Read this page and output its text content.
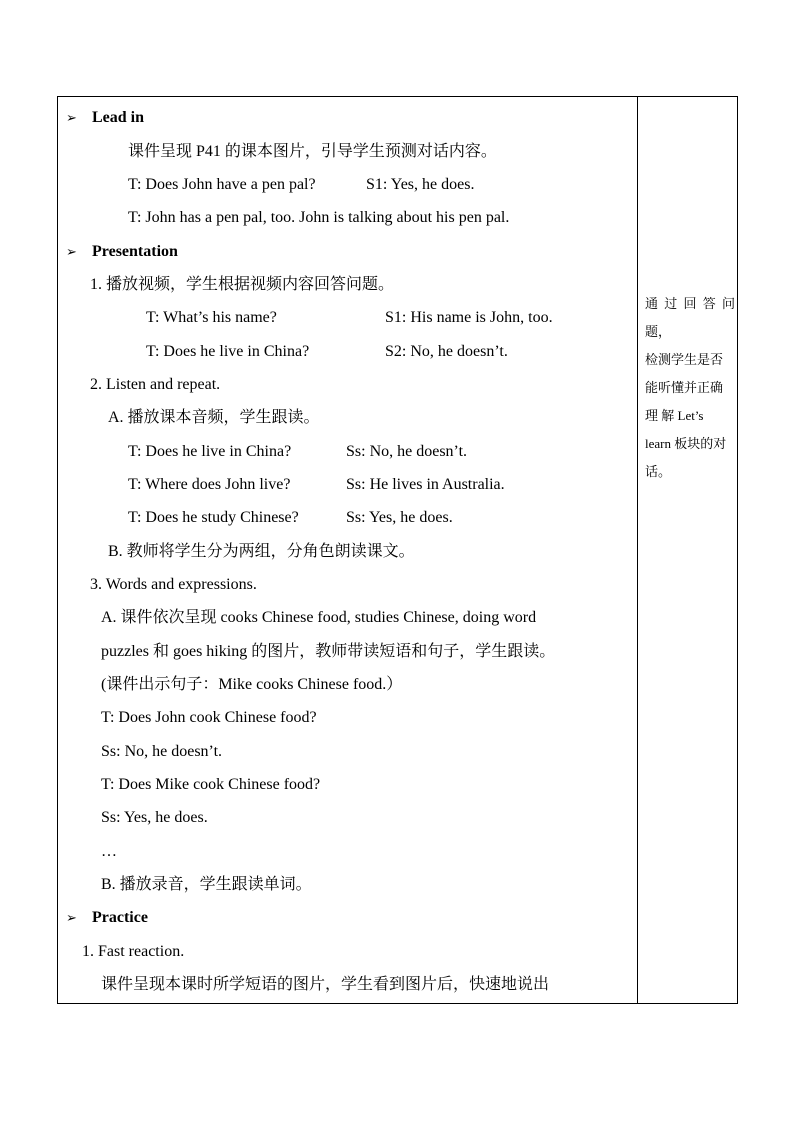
➢ Lead in
课件呈现 P41 的课本图片，引导学生预测对话内容。
T: Does John have a pen pal?	S1: Yes, he does.
T: John has a pen pal, too. John is talking about his pen pal.
➢ Presentation
1. 播放视频，学生根据视频内容回答问题。
T: What’s his name?	S1: His name is John, too.
T: Does he live in China?	S2: No, he doesn’t.
2. Listen and repeat.
A. 播放课本音频，学生跟读。
T: Does he live in China?	Ss: No, he doesn’t.
T: Where does John live?	Ss: He lives in Australia.
T: Does he study Chinese?	Ss: Yes, he does.
B. 教师将学生分为两组，分角色朗读课文。
3. Words and expressions.
A. 课件依次呈现 cooks Chinese food, studies Chinese, doing word
puzzles 和 goes hiking 的图片，教师带读短语和句子，学生跟读。
(课件出示句子：Mike cooks Chinese food.）
T: Does John cook Chinese food?
Ss: No, he doesn’t.
T: Does Mike cook Chinese food?
Ss: Yes, he does.
…
B. 播放录音，学生跟读单词。
➢ Practice
1. Fast reaction.
课件呈现本课时所学短语的图片，学生看到图片后，快速地说出
通过回答问题，
检测学生是否
能听懂并正确
理 解 Let’s
learn 板块的对
话。
